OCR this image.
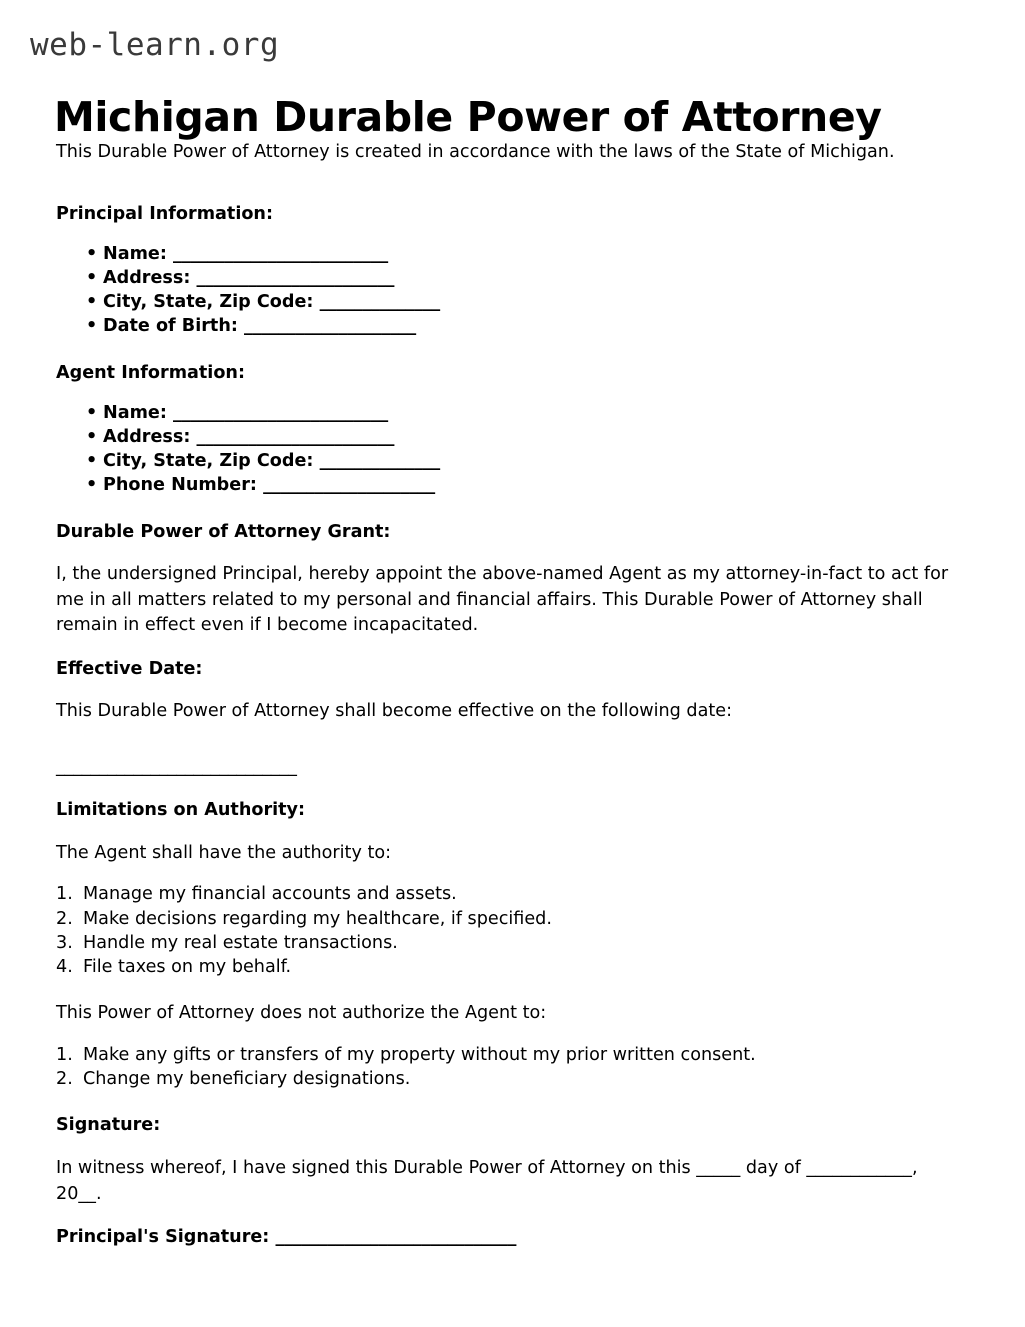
web-learn.org
Michigan Durable Power of Attorney

This Durable Power of Attorney is created in accordance with the laws of the State of Michigan.

Principal Information:
• Name: _________________________
• Address: _______________________
• City, State, Zip Code: ______________
• Date of Birth: ____________________
Agent Information:
• Name: _________________________
• Address: _______________________
• City, State, Zip Code: ______________
• Phone Number: ____________________
Durable Power of Attorney Grant:

I, the undersigned Principal, hereby appoint the above-named Agent as my attorney-in-fact to act for me in all matters related to my personal and financial affairs. This Durable Power of Attorney shall remain in effect even if I become incapacitated.

Effective Date:

This Durable Power of Attorney shall become effective on the following date:

____________________________
Limitations on Authority:

The Agent shall have the authority to:

Manage my financial accounts and assets.
Make decisions regarding my healthcare, if specified.
Handle my real estate transactions.
File taxes on my behalf.

This Power of Attorney does not authorize the Agent to:

Make any gifts or transfers of my property without my prior written consent.
Change my beneficiary designations.
Signature:

In witness whereof, I have signed this Durable Power of Attorney on this _____ day of ____________, 20__.

Principal's Signature: ____________________________
